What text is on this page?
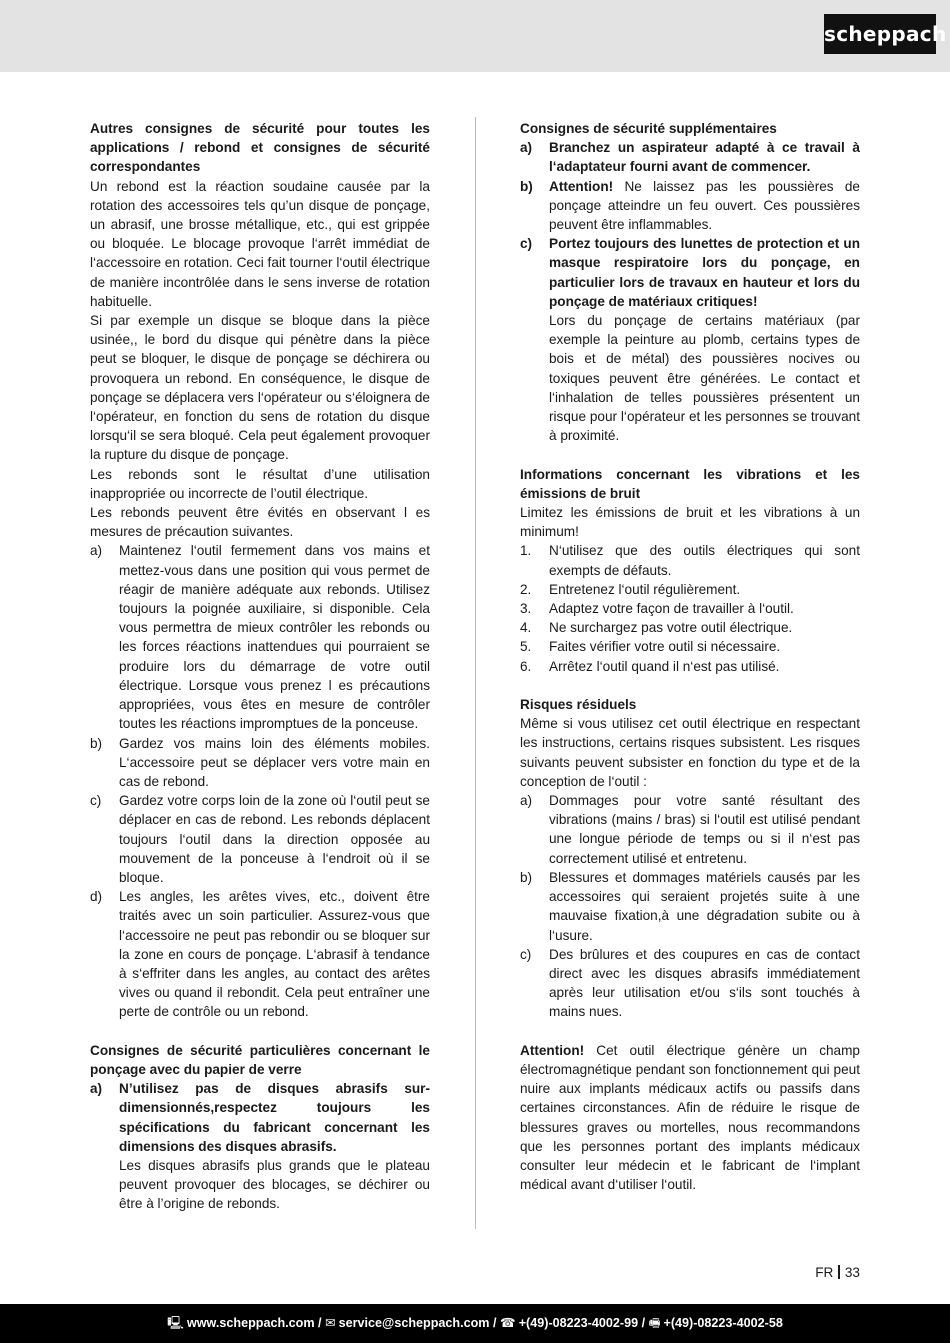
scheppach

Autres consignes de sécurité pour toutes les applications / rebond et consignes de sécurité correspondantes

Un rebond est la réaction soudaine causée par la rotation des accessoires tels qu’un disque de ponçage, un abrasif, une brosse métallique, etc., qui est grippée ou bloquée. Le blocage provoque l‘arrêt immédiat de l‘accessoire en rotation. Ceci fait tourner l‘outil électrique de manière incontrôlée dans le sens inverse de rotation habituelle.

Si par exemple un disque se bloque dans la pièce usinée,, le bord du disque qui pénètre dans la pièce peut se bloquer, le disque de ponçage se déchirera ou provoquera un rebond. En conséquence, le disque de ponçage se déplacera vers l‘opérateur ou s‘éloignera de l‘opérateur, en fonction du sens de rotation du disque lorsqu‘il se sera bloqué. Cela peut également provoquer la rupture du disque de ponçage.

Les rebonds sont le résultat d’une utilisation inappropriée ou incorrecte de l’outil électrique.

Les rebonds peuvent être évités en observant l es mesures de précaution suivantes.

a)	Maintenez l‘outil fermement dans vos mains et mettez-vous dans une position qui vous permet de réagir de manière adéquate aux rebonds. Utilisez toujours la poignée auxiliaire, si disponible. Cela vous permettra de mieux contrôler les rebonds ou les forces réactions inattendues qui pourraient se produire lors du démarrage de votre outil électrique. Lorsque vous prenez l es précautions appropriées, vous êtes en mesure de contrôler toutes les réactions impromptues de la ponceuse.
b)	Gardez vos mains loin des éléments mobiles. L‘accessoire peut se déplacer vers votre main en cas de rebond.
c)	Gardez votre corps loin de la zone où l‘outil peut se déplacer en cas de rebond. Les rebonds déplacent toujours l‘outil dans la direction opposée au mouvement de la ponceuse à l‘endroit où il se bloque.
d)	Les angles, les arêtes vives, etc., doivent être traités avec un soin particulier. Assurez-vous que l‘accessoire ne peut pas rebondir ou se bloquer sur la zone en cours de ponçage. L‘abrasif à tendance à s‘effriter dans les angles, au contact des arêtes vives ou quand il rebondit. Cela peut entraîner une perte de contrôle ou un rebond.

Consignes de sécurité particulières concernant le ponçage avec du papier de verre

a)	N’utilisez pas de disques abrasifs sur-dimensionnés,respectez toujours les spécifications du fabricant concernant les dimensions des disques abrasifs.

Les disques abrasifs plus grands que le plateau peuvent provoquer des blocages, se déchirer ou être à l’origine de rebonds.

Consignes de sécurité supplémentaires

a)	Branchez un aspirateur adapté à ce travail à l‘adaptateur fourni avant de commencer.
b)	Attention! Ne laissez pas les poussières de ponçage atteindre un feu ouvert. Ces poussières peuvent être inflammables.
c)	Portez toujours des lunettes de protection et un masque respiratoire lors du ponçage, en particulier lors de travaux en hauteur et lors du ponçage de matériaux critiques!

Lors du ponçage de certains matériaux (par exemple la peinture au plomb, certains types de bois et de métal) des poussières nocives ou toxiques peuvent être générées. Le contact et l‘inhalation de telles poussières présentent un risque pour l‘opérateur et les personnes se trouvant à proximité.

Informations concernant les vibrations et les émissions de bruit

Limitez les émissions de bruit et les vibrations à un minimum!

1.	N‘utilisez que des outils électriques qui sont exempts de défauts.
2.	Entretenez l‘outil régulièrement.
3.	Adaptez votre façon de travailler à l‘outil.
4.	Ne surchargez pas votre outil électrique.
5.	Faites vérifier votre outil si nécessaire.
6.	Arrêtez l‘outil quand il n‘est pas utilisé.

Risques résiduels

Même si vous utilisez cet outil électrique en respectant les instructions, certains risques subsistent. Les risques suivants peuvent subsister en fonction du type et de la conception de l‘outil :

a)	Dommages pour votre santé résultant des vibrations (mains / bras) si l‘outil est utilisé pendant une longue période de temps ou si il n‘est pas correctement utilisé et entretenu.
b)	Blessures et dommages matériels causés par les accessoires qui seraient projetés suite à une mauvaise fixation,à une dégradation subite ou à l‘usure.
c)	Des brûlures et des coupures en cas de contact direct avec les disques abrasifs immédiatement après leur utilisation et/ou s‘ils sont touchés à mains nues.

Attention! Cet outil électrique génère un champ électromagnétique pendant son fonctionnement qui peut nuire aux implants médicaux actifs ou passifs dans certaines circonstances. Afin de réduire le risque de blessures graves ou mortelles, nous recommandons que les personnes portant des implants médicaux consulter leur médecin et le fabricant de l‘implant médical avant d‘utiliser l‘outil.

FR 33
🖳︎ www.scheppach.com / ✉︎ service@scheppach.com / ☎︎ +(49)-08223-4002-99 / 🖷︎ +(49)-08223-4002-58
